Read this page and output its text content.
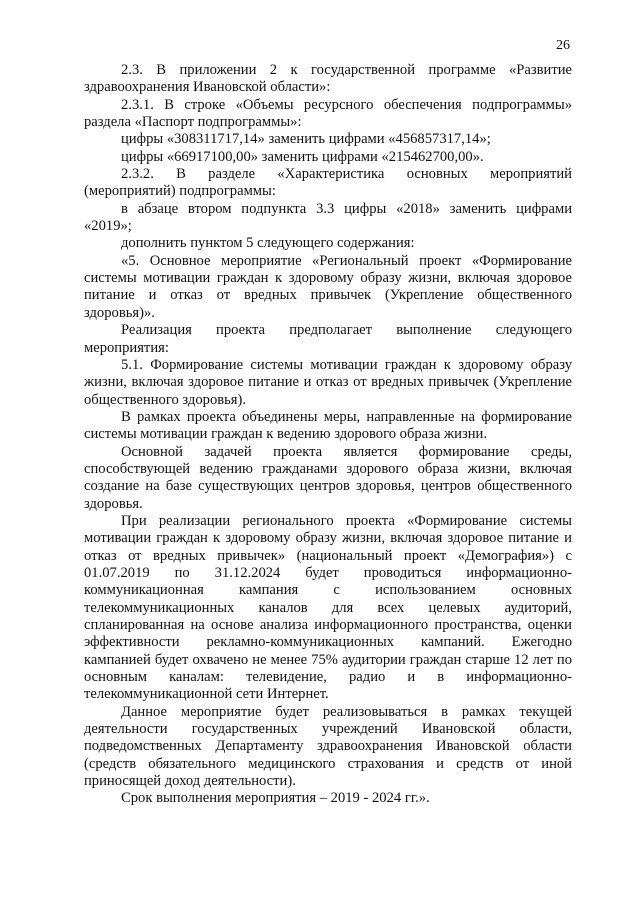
26

2.3. В приложении 2 к государственной программе «Развитие здравоохранения Ивановской области»:

2.3.1. В строке «Объемы ресурсного обеспечения подпрограммы» раздела «Паспорт подпрограммы»:

цифры «308311717,14» заменить цифрами «456857317,14»;

цифры «66917100,00» заменить цифрами «215462700,00».

2.3.2. В разделе «Характеристика основных мероприятий (мероприятий) подпрограммы:

в абзаце втором подпункта 3.3 цифры «2018» заменить цифрами «2019»;

дополнить пунктом 5 следующего содержания:

«5. Основное мероприятие «Региональный проект «Формирование системы мотивации граждан к здоровому образу жизни, включая здоровое питание и отказ от вредных привычек (Укрепление общественного здоровья)».

Реализация проекта предполагает выполнение следующего мероприятия:

5.1. Формирование системы мотивации граждан к здоровому образу жизни, включая здоровое питание и отказ от вредных привычек (Укрепление общественного здоровья).

В рамках проекта объединены меры, направленные на формирование системы мотивации граждан к ведению здорового образа жизни.

Основной задачей проекта является формирование среды, способствующей ведению гражданами здорового образа жизни, включая создание на базе существующих центров здоровья, центров общественного здоровья.

При реализации регионального проекта «Формирование системы мотивации граждан к здоровому образу жизни, включая здоровое питание и отказ от вредных привычек» (национальный проект «Демография») с 01.07.2019 по 31.12.2024 будет проводиться информационно-коммуникационная кампания с использованием основных телекоммуникационных каналов для всех целевых аудиторий, спланированная на основе анализа информационного пространства, оценки эффективности рекламно-коммуникационных кампаний. Ежегодно кампанией будет охвачено не менее 75% аудитории граждан старше 12 лет по основным каналам: телевидение, радио и в информационно-телекоммуникационной сети Интернет.

Данное мероприятие будет реализовываться в рамках текущей деятельности государственных учреждений Ивановской области, подведомственных Департаменту здравоохранения Ивановской области (средств обязательного медицинского страхования и средств от иной приносящей доход деятельности).

Срок выполнения мероприятия – 2019 - 2024 гг.».
